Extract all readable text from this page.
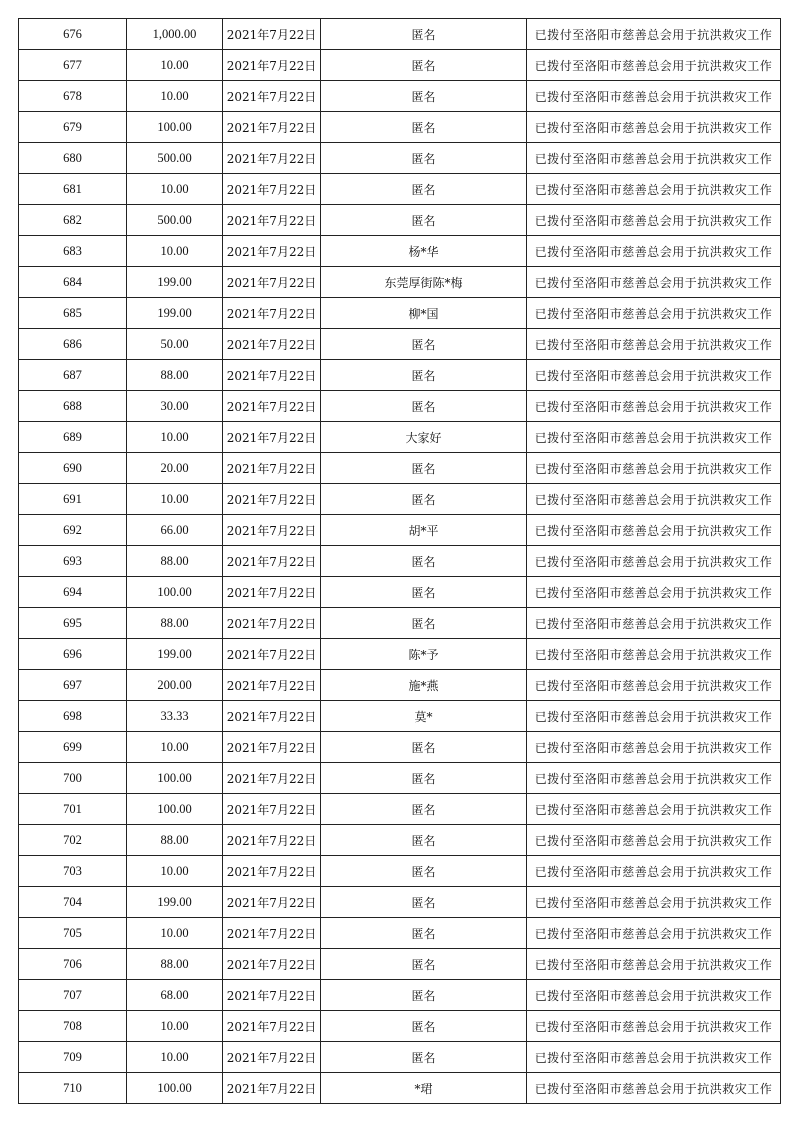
676	1,000.00	2021年7月22日	匿名	已拨付至洛阳市慈善总会用于抗洪救灾工作
677	10.00	2021年7月22日	匿名	已拨付至洛阳市慈善总会用于抗洪救灾工作
678	10.00	2021年7月22日	匿名	已拨付至洛阳市慈善总会用于抗洪救灾工作
679	100.00	2021年7月22日	匿名	已拨付至洛阳市慈善总会用于抗洪救灾工作
680	500.00	2021年7月22日	匿名	已拨付至洛阳市慈善总会用于抗洪救灾工作
681	10.00	2021年7月22日	匿名	已拨付至洛阳市慈善总会用于抗洪救灾工作
682	500.00	2021年7月22日	匿名	已拨付至洛阳市慈善总会用于抗洪救灾工作
683	10.00	2021年7月22日	杨*华	已拨付至洛阳市慈善总会用于抗洪救灾工作
684	199.00	2021年7月22日	东莞厚街陈*梅	已拨付至洛阳市慈善总会用于抗洪救灾工作
685	199.00	2021年7月22日	柳*国	已拨付至洛阳市慈善总会用于抗洪救灾工作
686	50.00	2021年7月22日	匿名	已拨付至洛阳市慈善总会用于抗洪救灾工作
687	88.00	2021年7月22日	匿名	已拨付至洛阳市慈善总会用于抗洪救灾工作
688	30.00	2021年7月22日	匿名	已拨付至洛阳市慈善总会用于抗洪救灾工作
689	10.00	2021年7月22日	大家好	已拨付至洛阳市慈善总会用于抗洪救灾工作
690	20.00	2021年7月22日	匿名	已拨付至洛阳市慈善总会用于抗洪救灾工作
691	10.00	2021年7月22日	匿名	已拨付至洛阳市慈善总会用于抗洪救灾工作
692	66.00	2021年7月22日	胡*平	已拨付至洛阳市慈善总会用于抗洪救灾工作
693	88.00	2021年7月22日	匿名	已拨付至洛阳市慈善总会用于抗洪救灾工作
694	100.00	2021年7月22日	匿名	已拨付至洛阳市慈善总会用于抗洪救灾工作
695	88.00	2021年7月22日	匿名	已拨付至洛阳市慈善总会用于抗洪救灾工作
696	199.00	2021年7月22日	陈*予	已拨付至洛阳市慈善总会用于抗洪救灾工作
697	200.00	2021年7月22日	施*燕	已拨付至洛阳市慈善总会用于抗洪救灾工作
698	33.33	2021年7月22日	莫*	已拨付至洛阳市慈善总会用于抗洪救灾工作
699	10.00	2021年7月22日	匿名	已拨付至洛阳市慈善总会用于抗洪救灾工作
700	100.00	2021年7月22日	匿名	已拨付至洛阳市慈善总会用于抗洪救灾工作
701	100.00	2021年7月22日	匿名	已拨付至洛阳市慈善总会用于抗洪救灾工作
702	88.00	2021年7月22日	匿名	已拨付至洛阳市慈善总会用于抗洪救灾工作
703	10.00	2021年7月22日	匿名	已拨付至洛阳市慈善总会用于抗洪救灾工作
704	199.00	2021年7月22日	匿名	已拨付至洛阳市慈善总会用于抗洪救灾工作
705	10.00	2021年7月22日	匿名	已拨付至洛阳市慈善总会用于抗洪救灾工作
706	88.00	2021年7月22日	匿名	已拨付至洛阳市慈善总会用于抗洪救灾工作
707	68.00	2021年7月22日	匿名	已拨付至洛阳市慈善总会用于抗洪救灾工作
708	10.00	2021年7月22日	匿名	已拨付至洛阳市慈善总会用于抗洪救灾工作
709	10.00	2021年7月22日	匿名	已拨付至洛阳市慈善总会用于抗洪救灾工作
710	100.00	2021年7月22日	*珺	已拨付至洛阳市慈善总会用于抗洪救灾工作
